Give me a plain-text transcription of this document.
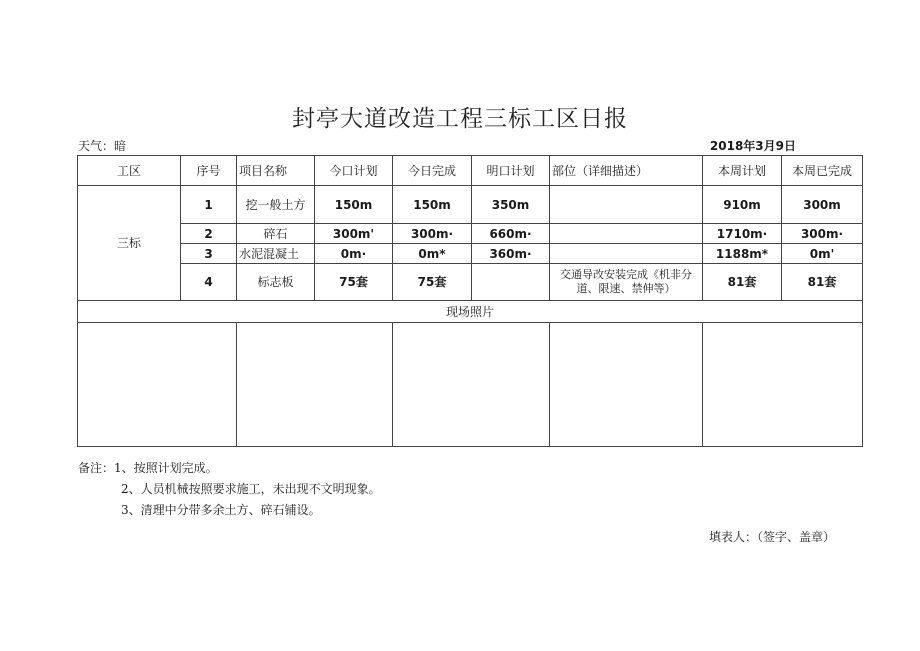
封亭大道改造工程三标工区日报
天气：暗	2018年3月9日
工区	序号	项目名称	今口计划	今日完成	明口计划	部位（详细描述）	本周计划	本周已完成
三标	1	挖一般土方	150m	150m	350m		910m	300m
	2	碎石	300m'	300m·	660m·		1710m·	300m·
	3	水泥混凝土	0m·	0m*	360m·		1188m*	0m'
	4	标志板	75套	75套		交通导改安装完成《机非分道、限速、禁伸等）	81套	81套
现场照片								

备注：1、按照计划完成。
2、人员机械按照要求施工，未出现不文明现象。
3、清理中分带多余土方、碎石铺设。
填表人：（签字、盖章）
